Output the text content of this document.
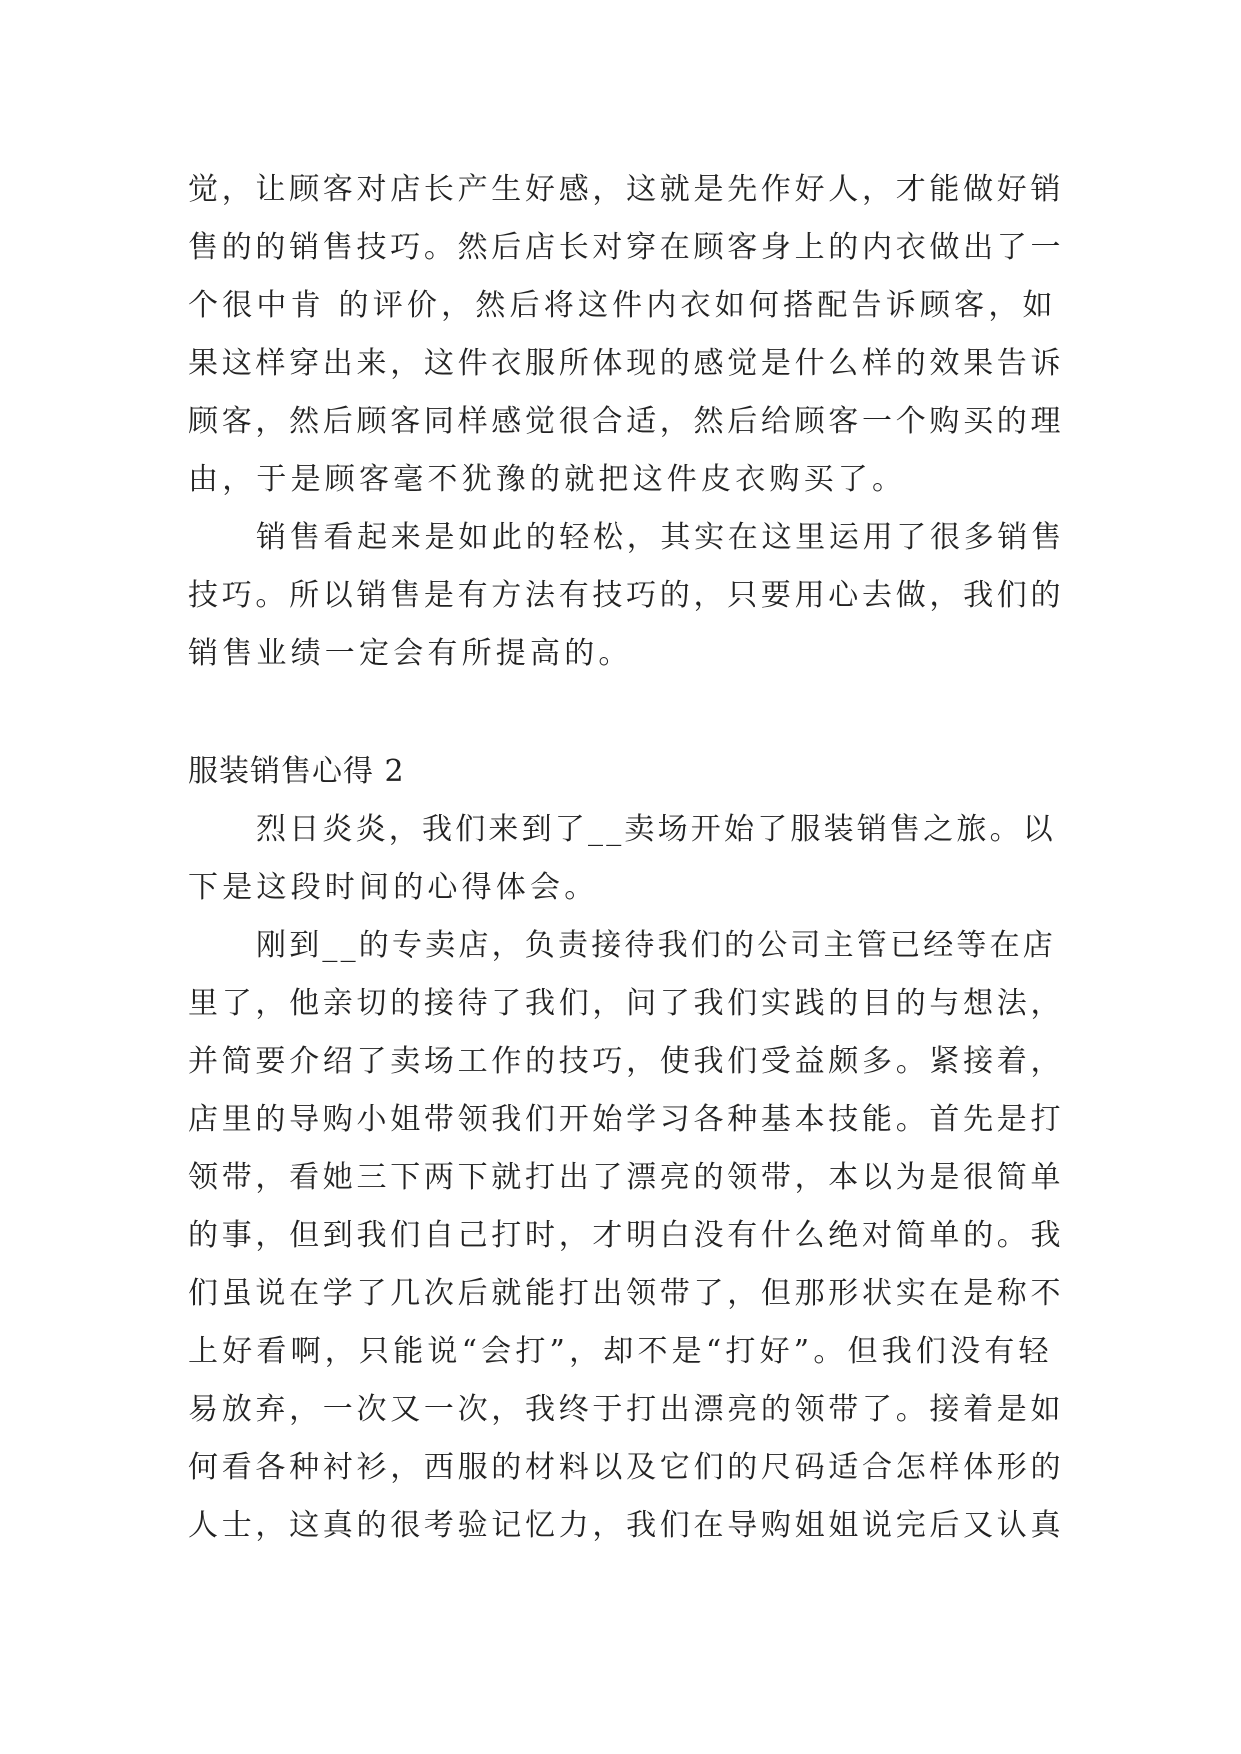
觉，让顾客对店长产生好感，这就是先作好人，才能做好销
售的的销售技巧。然后店长对穿在顾客身上的内衣做出了一
个很中肯 的评价，然后将这件内衣如何搭配告诉顾客，如
果这样穿出来，这件衣服所体现的感觉是什么样的效果告诉
顾客，然后顾客同样感觉很合适，然后给顾客一个购买的理
由，于是顾客毫不犹豫的就把这件皮衣购买了。
销售看起来是如此的轻松，其实在这里运用了很多销售
技巧。所以销售是有方法有技巧的，只要用心去做，我们的
销售业绩一定会有所提高的。
服装销售心得 2
烈日炎炎，我们来到了__卖场开始了服装销售之旅。以
下是这段时间的心得体会。
刚到__的专卖店，负责接待我们的公司主管已经等在店
里了，他亲切的接待了我们，问了我们实践的目的与想法，
并简要介绍了卖场工作的技巧，使我们受益颇多。紧接着，
店里的导购小姐带领我们开始学习各种基本技能。首先是打
领带，看她三下两下就打出了漂亮的领带，本以为是很简单
的事，但到我们自己打时，才明白没有什么绝对简单的。我
们虽说在学了几次后就能打出领带了，但那形状实在是称不
上好看啊，只能说“会打”，却不是“打好”。但我们没有轻
易放弃，一次又一次，我终于打出漂亮的领带了。接着是如
何看各种衬衫，西服的材料以及它们的尺码适合怎样体形的
人士，这真的很考验记忆力，我们在导购姐姐说完后又认真
